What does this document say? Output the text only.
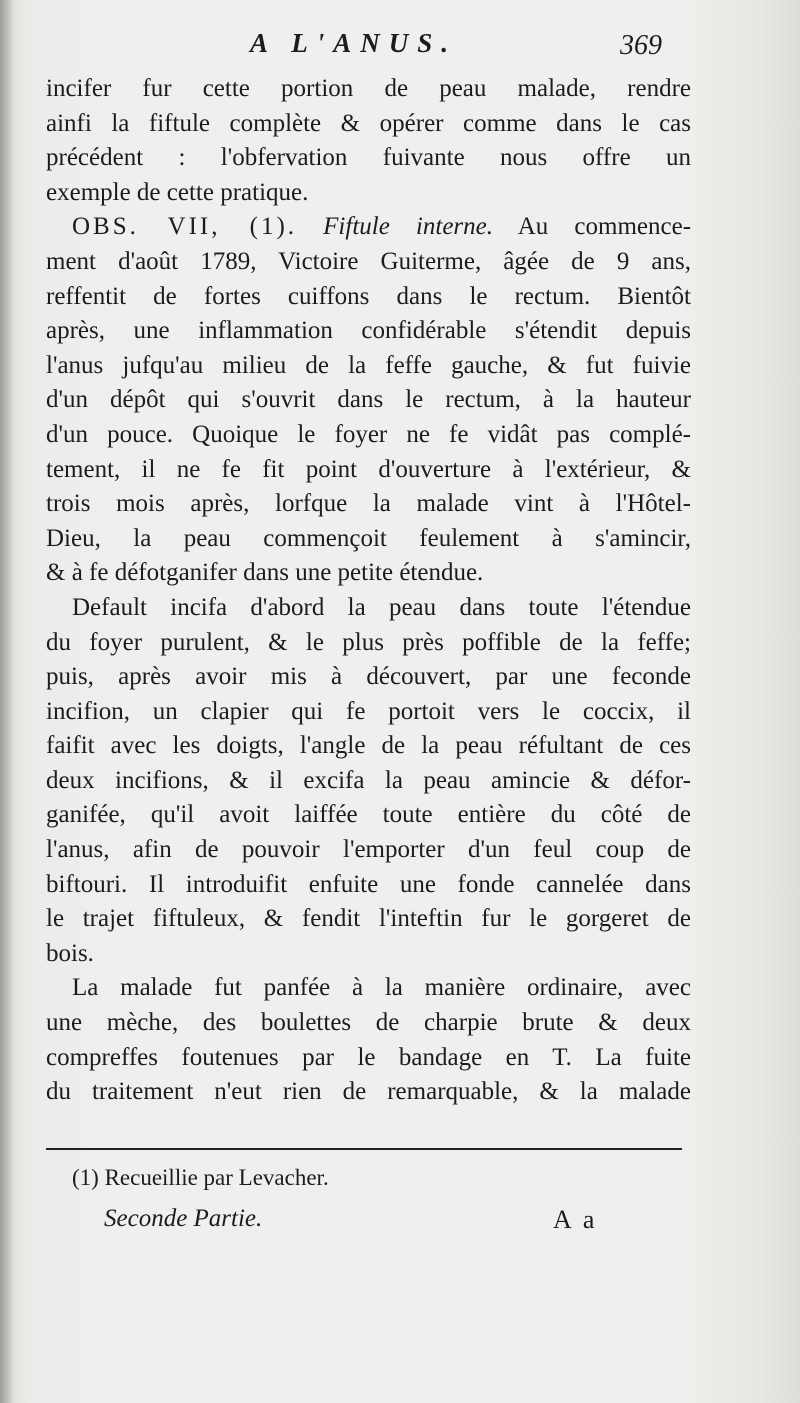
A L'ANUS.	369
incifer fur cette portion de peau malade, rendre
ainfi la fiftule complète & opérer comme dans le cas
précédent : l'obfervation fuivante nous offre un
exemple de cette pratique.
OBS. VII, (1). Fiftule interne. Au commence-
ment d'août 1789, Victoire Guiterme, âgée de 9 ans,
reffentit de fortes cuiffons dans le rectum. Bientôt
après, une inflammation confidérable s'étendit depuis
l'anus jufqu'au milieu de la feffe gauche, & fut fuivie
d'un dépôt qui s'ouvrit dans le rectum, à la hauteur
d'un pouce. Quoique le foyer ne fe vidât pas complé-
tement, il ne fe fit point d'ouverture à l'extérieur, &
trois mois après, lorfque la malade vint à l'Hôtel-
Dieu, la peau commençoit feulement à s'amincir,
& à fe défotganifer dans une petite étendue.
Default incifa d'abord la peau dans toute l'étendue
du foyer purulent, & le plus près poffible de la feffe;
puis, après avoir mis à découvert, par une feconde
incifion, un clapier qui fe portoit vers le coccix, il
faifit avec les doigts, l'angle de la peau réfultant de ces
deux incifions, & il excifa la peau amincie & défor-
ganifée, qu'il avoit laiffée toute entière du côté de
l'anus, afin de pouvoir l'emporter d'un feul coup de
biftouri. Il introduifit enfuite une fonde cannelée dans
le trajet fiftuleux, & fendit l'inteftin fur le gorgeret de
bois.
La malade fut panfée à la manière ordinaire, avec
une mèche, des boulettes de charpie brute & deux
compreffes foutenues par le bandage en T. La fuite
du traitement n'eut rien de remarquable, & la malade
(1) Recueillie par Levacher.
Seconde Partie.	A a
